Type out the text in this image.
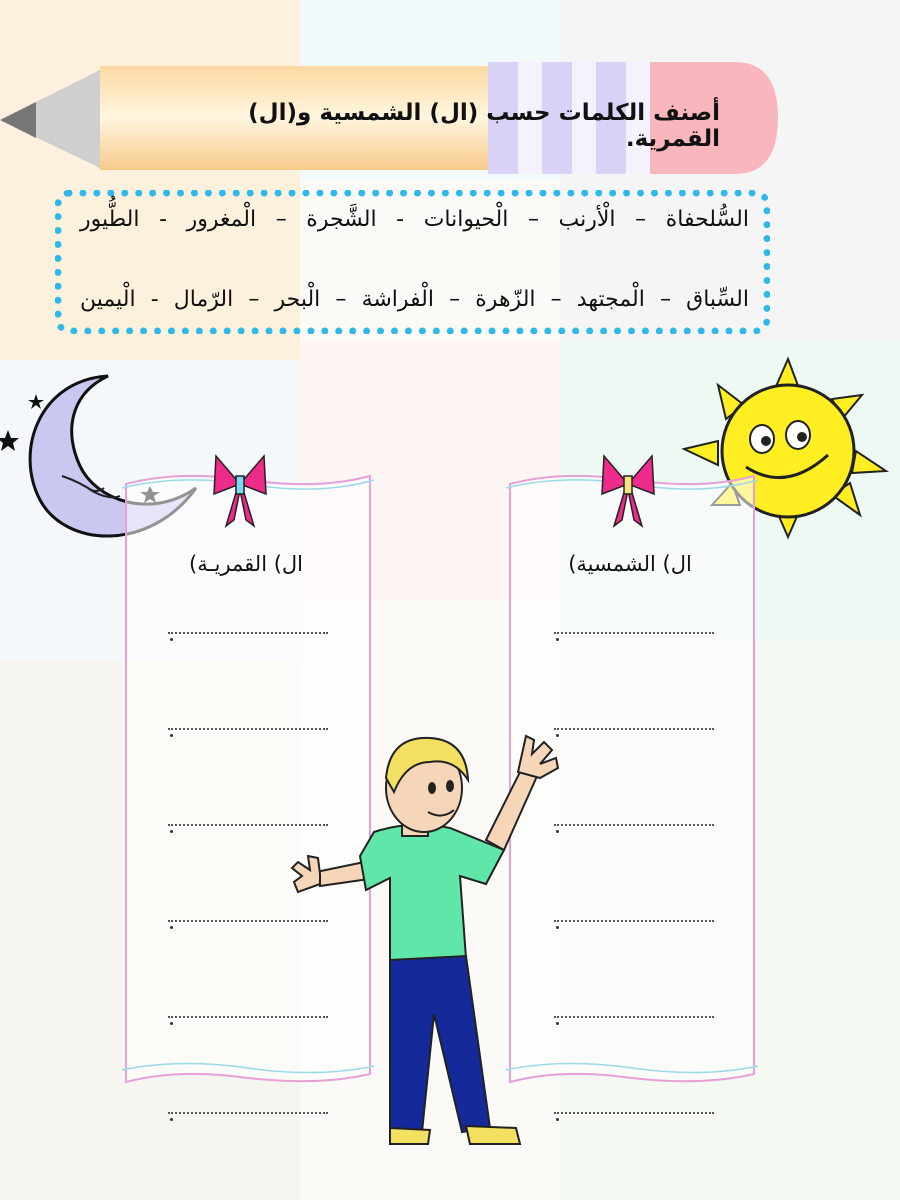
أصنف الكلمات حسب (ال) الشمسية و(ال) القمرية.
السُّلحفاة – الْأرنب – الْحيوانات - الشَّجرة – الْمغرور - الطُّيور
السِّباق – الْمجتهد – الزّهرة – الْفراشة – الْبحر – الرّمال - الْيمين
ال) القمريـة)	ال) الشمسية)
